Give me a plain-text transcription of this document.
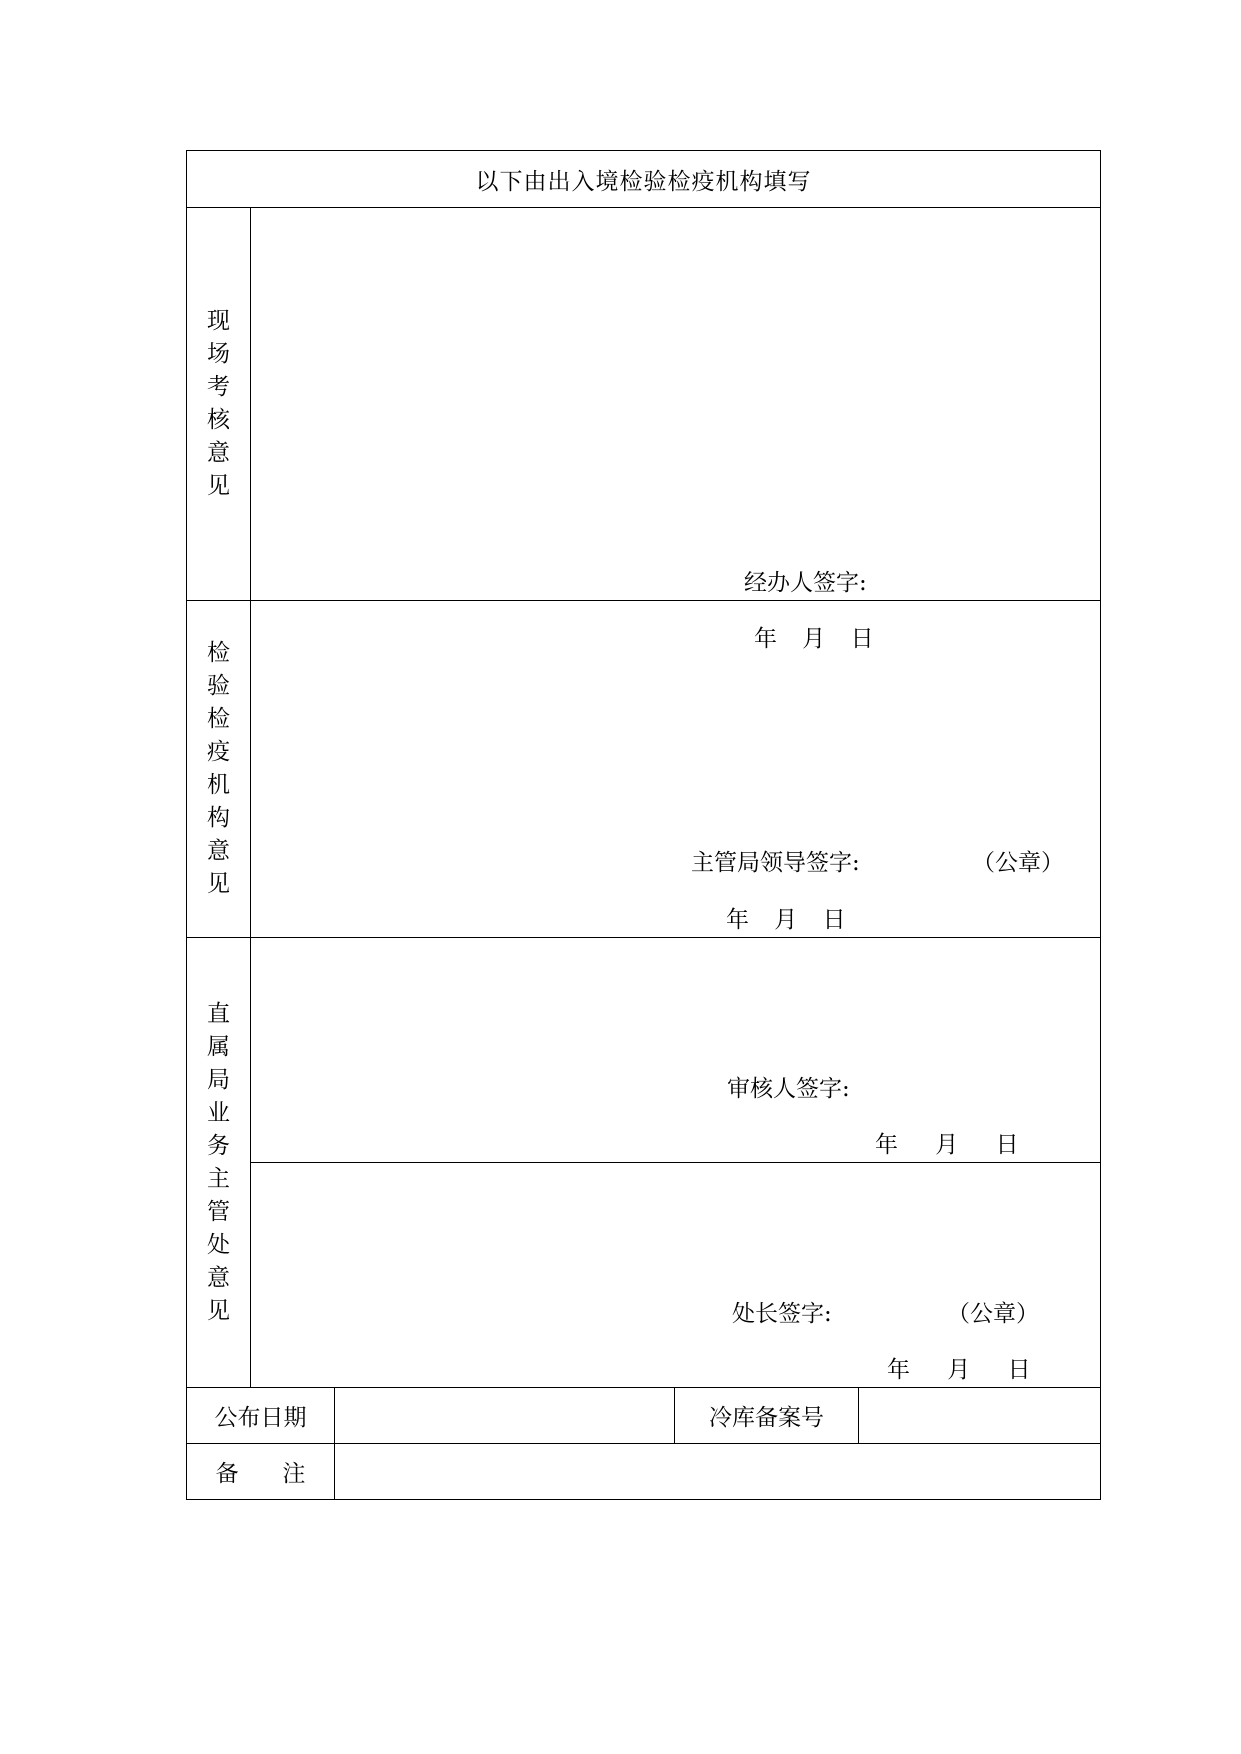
以下由出入境检验检疫机构填写				
现场考核意见	经办人签字:
年 月 日			

检验检疫机构意见	主管局领导签字: （公章）
年 月 日			

直属局业务主管处意见	审核人签字:
年 月 日			

	处长签字: （公章）
年 月 日			

公布日期			冷库备案号	
备      注				
